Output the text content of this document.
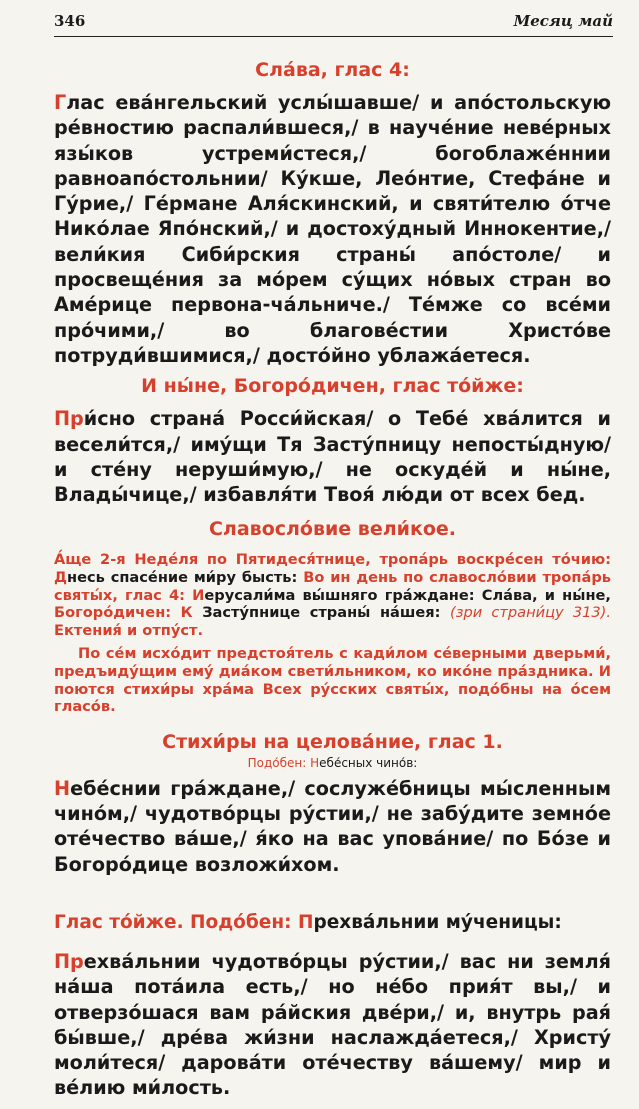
346	Месяц май
Сла́ва, глас 4:

Глас ева́нгельский услы́шавше/ и апо́стольскую ре́вностию распали́вшеся,/ в науче́ние неве́рных язы́ков устреми́стеся,/ богоблаже́ннии равноапо́стольнии/ Ку́кше, Лео́нтие, Стефа́не и Гу́рие,/ Ге́рмане Аля́скинский, и святи́телю о́тче Нико́лае Япо́нский,/ и достоху́дный Иннокентие,/ вели́кия Сиби́рския страны́ апо́столе/ и просвеще́ния за мо́рем су́щих но́вых стран во Аме́рице первона-ча́льниче./ Те́мже со все́ми про́чими,/ во благове́стии Христо́ве потруди́вшимися,/ досто́йно ублажа́етеся.

И ны́не, Богоро́дичен, глас то́йже:

При́сно страна́ Росси́йская/ о Тебе́ хва́лится и весели́тся,/ иму́щи Тя Засту́пницу непосты́дную/ и сте́ну неруши́мую,/ не оскуде́й и ны́не, Влады́чице,/ избавля́ти Твоя́ лю́ди от всех бед.

Славосло́вие вели́кое.

А́ще 2-я Неде́ля по Пятидеся́тнице, тропа́рь воскре́сен то́чию: Днесь спасе́ние ми́ру бысть: Во ин день по славосло́вии тропа́рь святы́х, глас 4: Иерусали́ма вы́шняго гра́ждане: Сла́ва, и ны́не, Богоро́дичен: К Засту́пнице страны́ на́шея: (зри страни́цу 313). Ектения́ и отпу́ст.

По се́м исхо́дит предстоя́тель с кади́лом се́верными дверьми́, предъиду́щим ему́ диа́ком свети́льником, ко ико́не пра́здника. И поются стихи́ры хра́ма Всех ру́сских святы́х, подо́бны на о́сем гласо́в.

Стихи́ры на целова́ние, глас 1.
Подо́бен: Небе́сных чино́в:

Небе́снии гра́ждане,/ сослуже́бницы мы́сленным чино́м,/ чудотво́рцы ру́стии,/ не забу́дите земно́е оте́чество ва́ше,/ я́ко на вас упова́ние/ по Бо́зе и Богоро́дице возложи́хом.

Глас то́йже. Подо́бен: Прехва́льнии му́ченицы:

Прехва́льнии чудотво́рцы ру́стии,/ вас ни земля́ на́ша пота́ила есть,/ но не́бо прия́т вы,/ и отверзо́шася вам ра́йския две́ри,/ и, внутрь рая́ бы́вше,/ дре́ва жи́зни наслажда́етеся,/ Христу́ моли́теся/ дарова́ти оте́честву ва́шему/ мир и ве́лию ми́лость.
